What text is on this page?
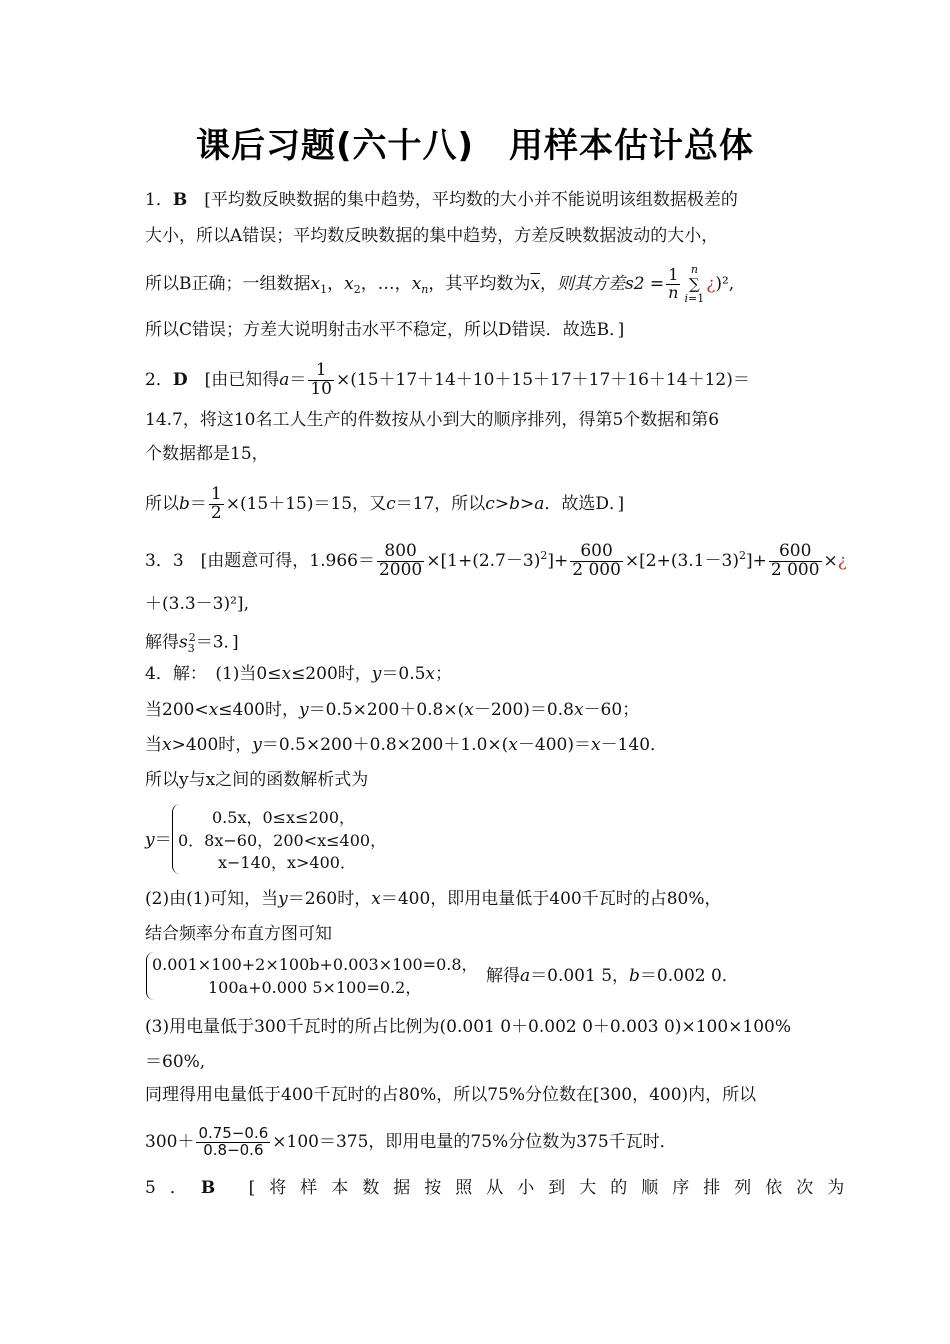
课后习题(六十八)　用样本估计总体
1．B　 [平均数反映数据的集中趋势，平均数的大小并不能说明该组数据极差的
大小，所以A错误；平均数反映数据的集中趋势，方差反映数据波动的大小，
所以B正确；一组数据$x_1$，$x_2$，…，$x_n$，其平均数为$\overline{x}$，则其方差$s2 = \frac{1}{n}$ n
∑
i=1¿)²,
所以C错误；方差大说明射击水平不稳定，所以D错误．故选B．]
2．D　 [由已知得$a= \frac{1}{10} \times(15+17+14+10+15+17+17+16+14+12)=$
14.7，将这10名工人生产的件数按从小到大的顺序排列，得第5个数据和第6
个数据都是15，
所以$b= \frac{1}{2} \times(15+15)=15$，又c＝17，所以c>b>a．故选D．]
3．3　 [由题意可得，$1.966= \frac{800}{2000} \times[1+(2.7-3)^2]+ \frac{600}{2 000} \times[2+(3.1-3)^2]+ \frac{600}{2 000}$ ×¿
＋(3.3－3)²],
解得$s_3^2=3$．]
4．解：　 (1)当0≤x≤200时，y＝0.5x；
当200<x≤400时，y＝0.5×200＋0.8×(x－200)＝0.8x－60；
当x>400时，y＝0.5×200＋0.8×200＋1.0×(x－400)＝x－140．
所以y与x之间的函数解析式为
y＝
0.5x，0≤x≤200，
0．8x−60，200<x≤400，
x−140，x>400．
(2)由(1)可知，当y＝260时，x＝400，即用电量低于400千瓦时的占80%，
结合频率分布直方图可知
0.001×100+2×100b+0.003×100=0.8，
100a+0.000 5×100=0.2，
解得a＝0.001 5，b＝0.002 0．
(3)用电量低于300千瓦时的所占比例为(0.001 0＋0.002 0＋0.003 0)×100×100%
＝60%,
同理得用电量低于400千瓦时的占80%，所以75%分位数在[300，400)内，所以
$300+ \frac{0.75-0.6}{0.8-0.6} \times 100=375$，即用电量的75%分位数为375千瓦时．
5．B [将样本数据按照从小到大的顺序排列依次为
